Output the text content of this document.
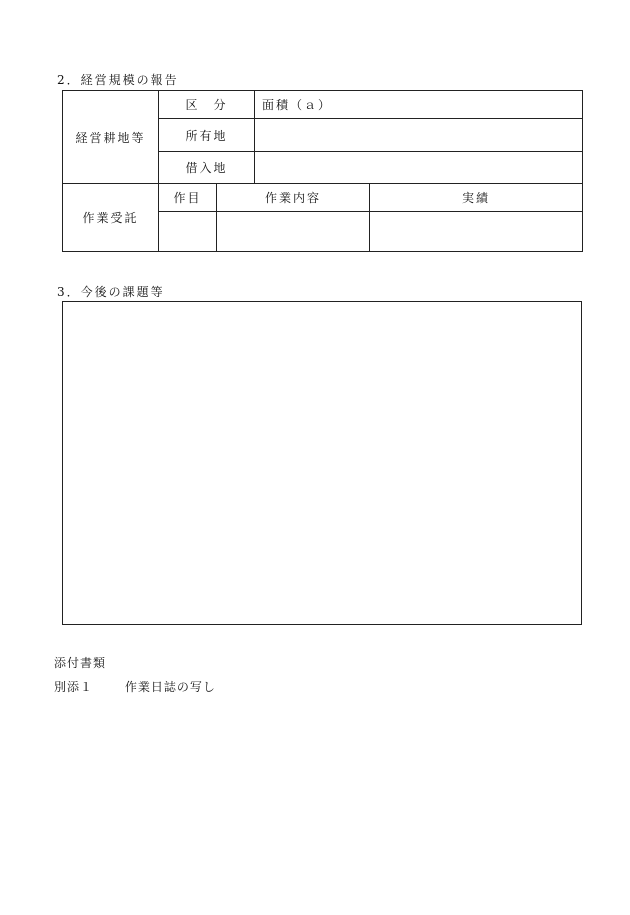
2．経営規模の報告
経営耕地等	区　分		面積（ａ）	
	所有地			
	借入地			
作業受託	作目	作業内容		実績

3．今後の課題等
添付書類
別添１	作業日誌の写し
